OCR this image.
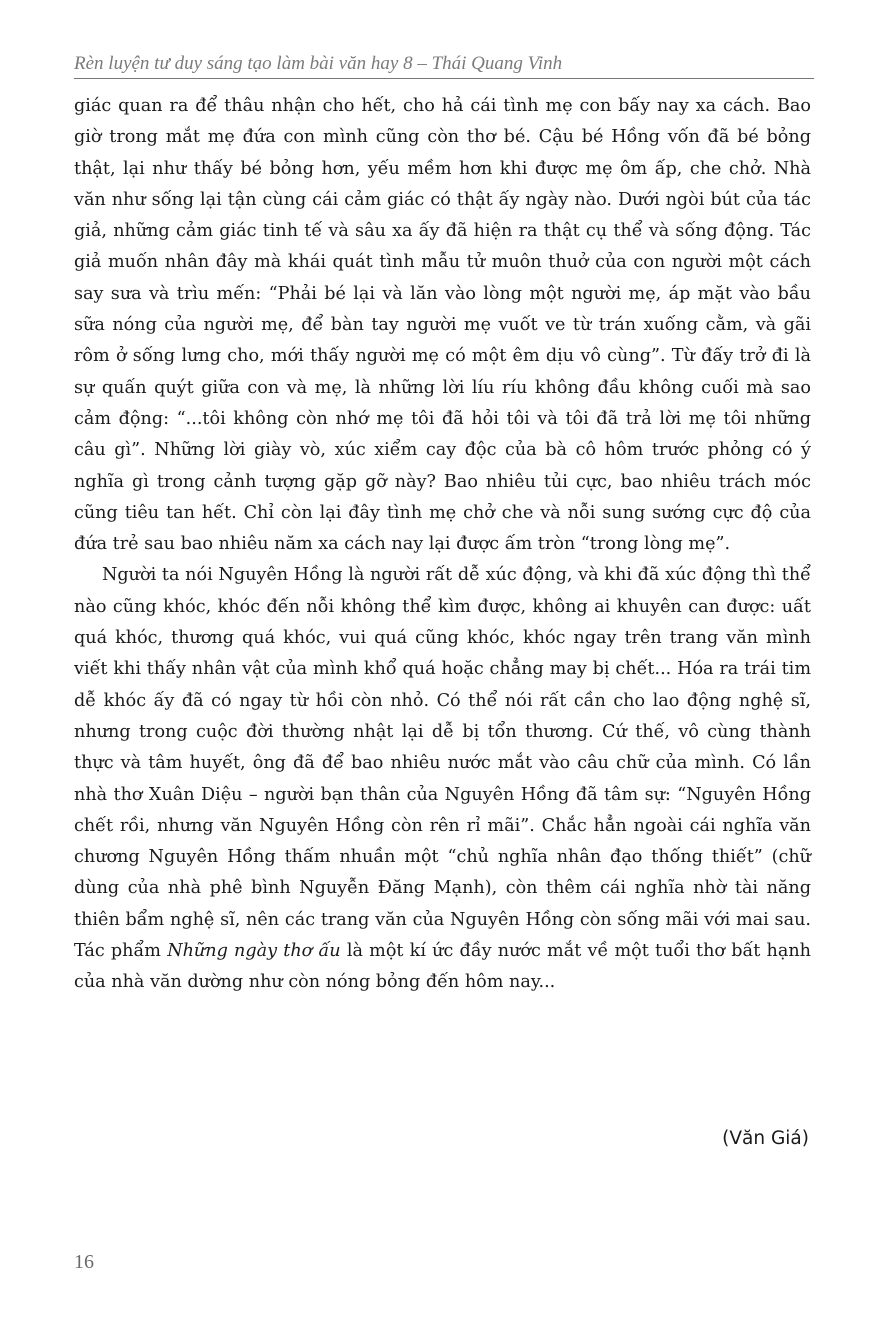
Rèn luyện tư duy sáng tạo làm bài văn hay 8 – Thái Quang Vinh

giác quan ra để thâu nhận cho hết, cho hả cái tình mẹ con bấy nay xa cách. Bao giờ trong mắt mẹ đứa con mình cũng còn thơ bé. Cậu bé Hồng vốn đã bé bỏng thật, lại như thấy bé bỏng hơn, yếu mềm hơn khi được mẹ ôm ấp, che chở. Nhà văn như sống lại tận cùng cái cảm giác có thật ấy ngày nào. Dưới ngòi bút của tác giả, những cảm giác tinh tế và sâu xa ấy đã hiện ra thật cụ thể và sống động. Tác giả muốn nhân đây mà khái quát tình mẫu tử muôn thuở của con người một cách say sưa và trìu mến: “Phải bé lại và lăn vào lòng một người mẹ, áp mặt vào bầu sữa nóng của người mẹ, để bàn tay người mẹ vuốt ve từ trán xuống cằm, và gãi rôm ở sống lưng cho, mới thấy người mẹ có một êm dịu vô cùng”. Từ đấy trở đi là sự quấn quýt giữa con và mẹ, là những lời líu ríu không đầu không cuối mà sao cảm động: “...tôi không còn nhớ mẹ tôi đã hỏi tôi và tôi đã trả lời mẹ tôi những câu gì”. Những lời giày vò, xúc xiểm cay độc của bà cô hôm trước phỏng có ý nghĩa gì trong cảnh tượng gặp gỡ này? Bao nhiêu tủi cực, bao nhiêu trách móc cũng tiêu tan hết. Chỉ còn lại đây tình mẹ chở che và nỗi sung sướng cực độ của đứa trẻ sau bao nhiêu năm xa cách nay lại được ấm tròn “trong lòng mẹ”.

Người ta nói Nguyên Hồng là người rất dễ xúc động, và khi đã xúc động thì thể nào cũng khóc, khóc đến nỗi không thể kìm được, không ai khuyên can được: uất quá khóc, thương quá khóc, vui quá cũng khóc, khóc ngay trên trang văn mình viết khi thấy nhân vật của mình khổ quá hoặc chẳng may bị chết... Hóa ra trái tim dễ khóc ấy đã có ngay từ hồi còn nhỏ. Có thể nói rất cần cho lao động nghệ sĩ, nhưng trong cuộc đời thường nhật lại dễ bị tổn thương. Cứ thế, vô cùng thành thực và tâm huyết, ông đã để bao nhiêu nước mắt vào câu chữ của mình. Có lần nhà thơ Xuân Diệu – người bạn thân của Nguyên Hồng đã tâm sự: “Nguyên Hồng chết rồi, nhưng văn Nguyên Hồng còn rên rỉ mãi”. Chắc hẳn ngoài cái nghĩa văn chương Nguyên Hồng thấm nhuần một “chủ nghĩa nhân đạo thống thiết” (chữ dùng của nhà phê bình Nguyễn Đăng Mạnh), còn thêm cái nghĩa nhờ tài năng thiên bẩm nghệ sĩ, nên các trang văn của Nguyên Hồng còn sống mãi với mai sau. Tác phẩm Những ngày thơ ấu là một kí ức đầy nước mắt về một tuổi thơ bất hạnh của nhà văn dường như còn nóng bỏng đến hôm nay...

(Văn Giá)
16
